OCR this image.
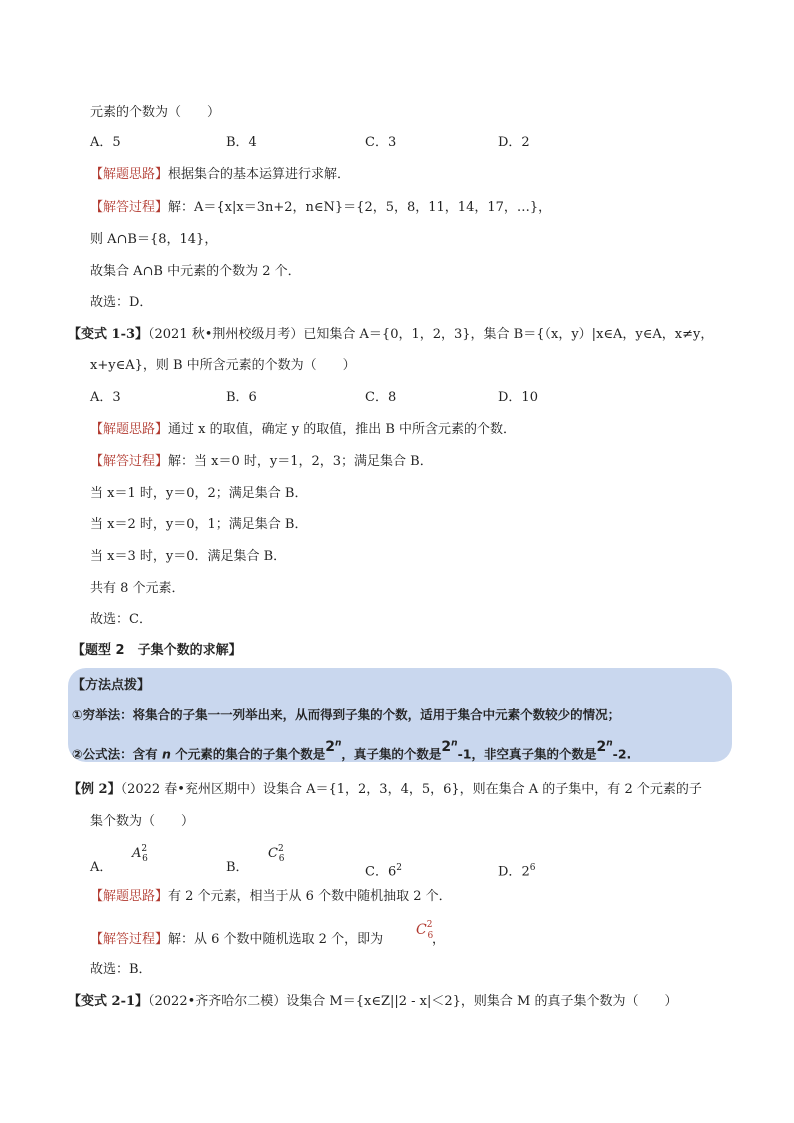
元素的个数为（　　）
A．5	B．4	C．3	D．2
【解题思路】根据集合的基本运算进行求解．
【解答过程】解：A＝{x|x＝3n+2，n∈N}＝{2，5，8，11，14，17，…}，
则 A∩B＝{8，14}，
故集合 A∩B 中元素的个数为 2 个．
故选：D．
【变式 1-3】（2021 秋•荆州校级月考）已知集合 A＝{0，1，2，3}，集合 B＝{（x，y）|x∈A，y∈A，x≠y，
x+y∈A}，则 B 中所含元素的个数为（　　）
A．3	B．6	C．8	D．10
【解题思路】通过 x 的取值，确定 y 的取值，推出 B 中所含元素的个数．
【解答过程】解：当 x＝0 时，y＝1，2，3；满足集合 B．
当 x＝1 时，y＝0，2；满足集合 B．
当 x＝2 时，y＝0，1；满足集合 B．
当 x＝3 时，y＝0．满足集合 B．
共有 8 个元素．
故选：C．
【题型 2　子集个数的求解】
【方法点拨】
①穷举法：将集合的子集一一列举出来，从而得到子集的个数，适用于集合中元素个数较少的情况；
②公式法：含有 n 个元素的集合的子集个数是2$^n$，真子集的个数是2$^n$-1，非空真子集的个数是2$^n$-2.
【例 2】（2022 春•兖州区期中）设集合 A＝{1，2，3，4，5，6}，则在集合 A 的子集中，有 2 个元素的子
集个数为（　　）
A．
$A^2_6$
B．
$C^2_6$
C．$6^2$	D．$2^6$
【解题思路】有 2 个元素，相当于从 6 个数中随机抽取 2 个．
【解答过程】解：从 6 个数中随机选取 2 个，即为
$C^2_6$
，
故选：B．
【变式 2-1】（2022•齐齐哈尔二模）设集合 M＝{x∈Z||2 - x|＜2}，则集合 M 的真子集个数为（　　）
